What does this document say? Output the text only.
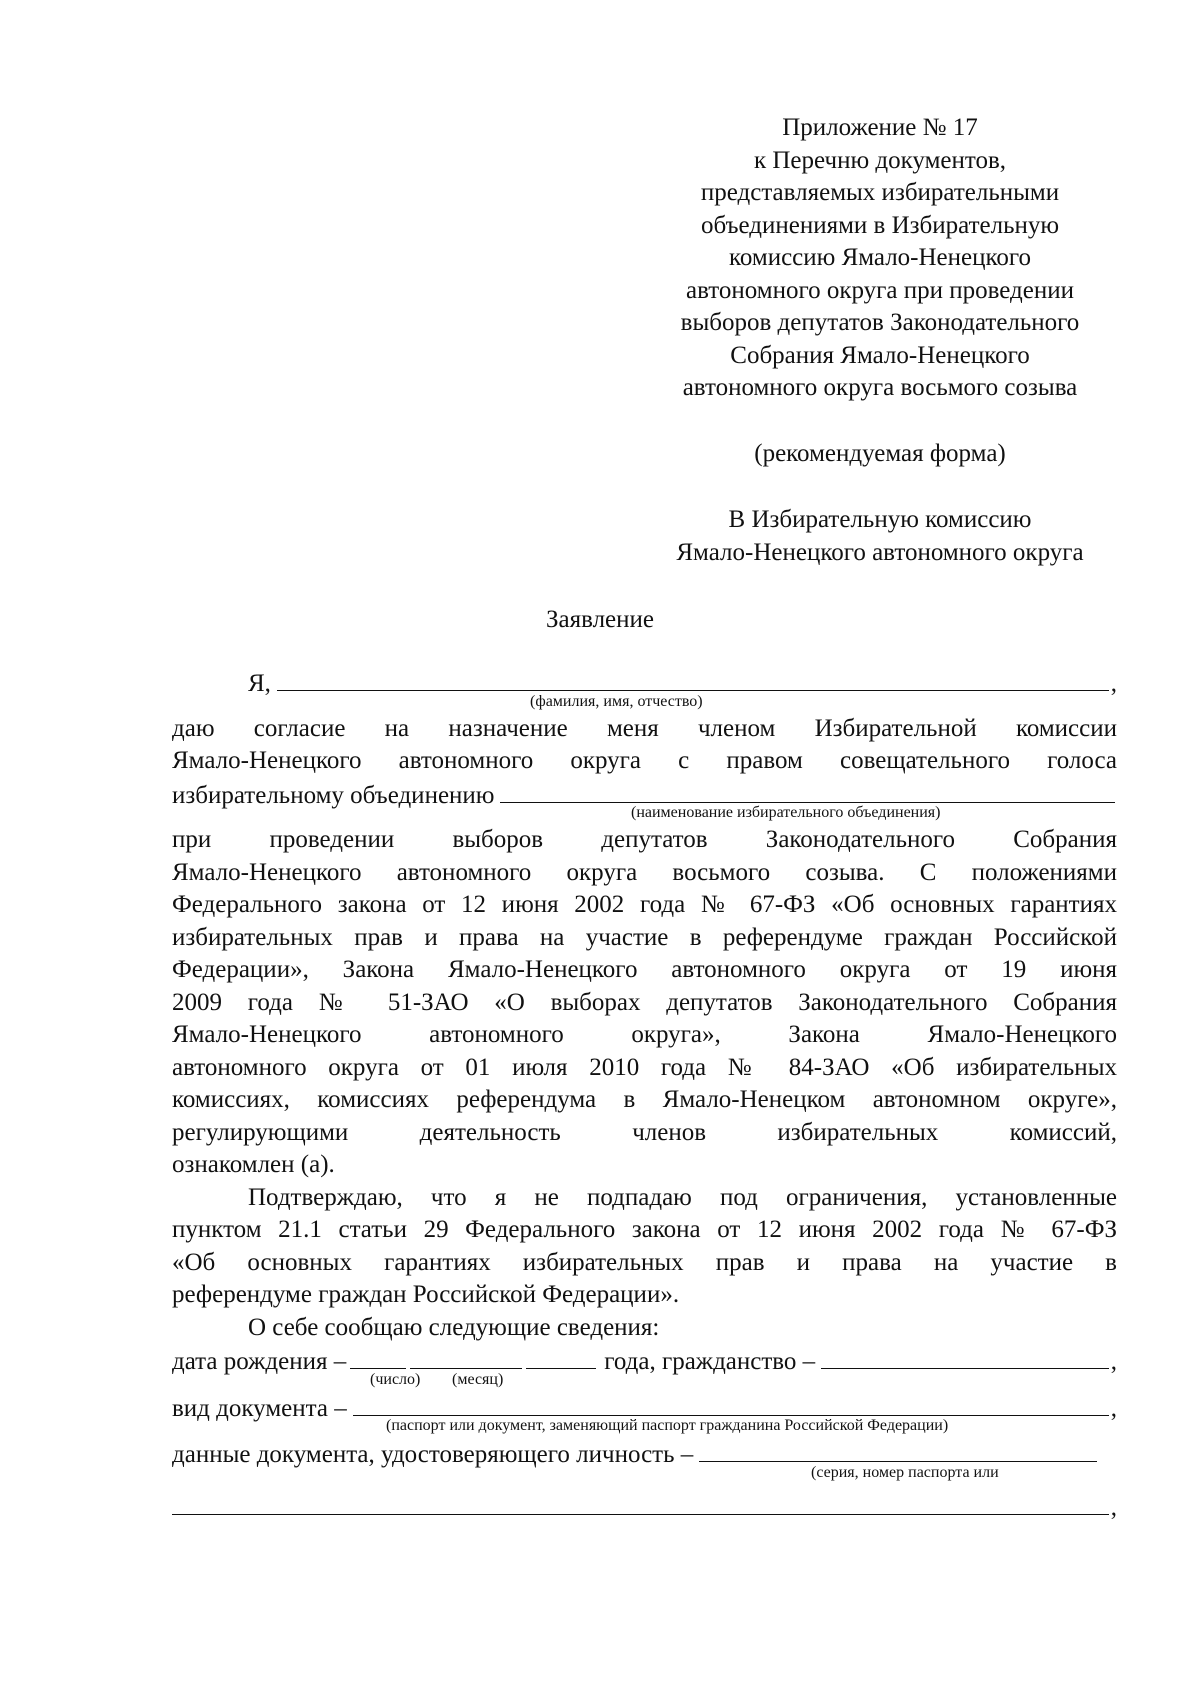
Приложение № 17
к Перечню документов,
представляемых избирательными
объединениями в Избирательную
комиссию Ямало-Ненецкого
автономного округа при проведении
выборов депутатов Законодательного
Собрания Ямало-Ненецкого
автономного округа восьмого созыва
(рекомендуемая форма)
В Избирательную комиссию
Ямало-Ненецкого автономного округа
Заявление
Я,	,
(фамилия, имя, отчество)
даю согласие на назначение меня членом Избирательной комиссии
Ямало-Ненецкого автономного округа с правом совещательного голоса
избирательному объединению
(наименование избирательного объединения)
при проведении выборов депутатов Законодательного Собрания
Ямало-Ненецкого автономного округа восьмого созыва. С положениями
Федерального закона от 12 июня 2002 года № 67-ФЗ «Об основных гарантиях
избирательных прав и права на участие в референдуме граждан Российской
Федерации», Закона Ямало-Ненецкого автономного округа от 19 июня
2009 года № 51-ЗАО «О выборах депутатов Законодательного Собрания
Ямало-Ненецкого автономного округа», Закона Ямало-Ненецкого
автономного округа от 01 июля 2010 года № 84-ЗАО «Об избирательных
комиссиях, комиссиях референдума в Ямало-Ненецком автономном округе»,
регулирующими деятельность членов избирательных комиссий,
ознакомлен (а).
Подтверждаю, что я не подпадаю под ограничения, установленные
пунктом 21.1 статьи 29 Федерального закона от 12 июня 2002 года № 67-ФЗ
«Об основных гарантиях избирательных прав и права на участие в
референдуме граждан Российской Федерации».
О себе сообщаю следующие сведения:
дата рождения –	года, гражданство –	,
(число) (месяц)
вид документа –	,
(паспорт или документ, заменяющий паспорт гражданина Российской Федерации)
данные документа, удостоверяющего личность –
(серия, номер паспорта или
,
